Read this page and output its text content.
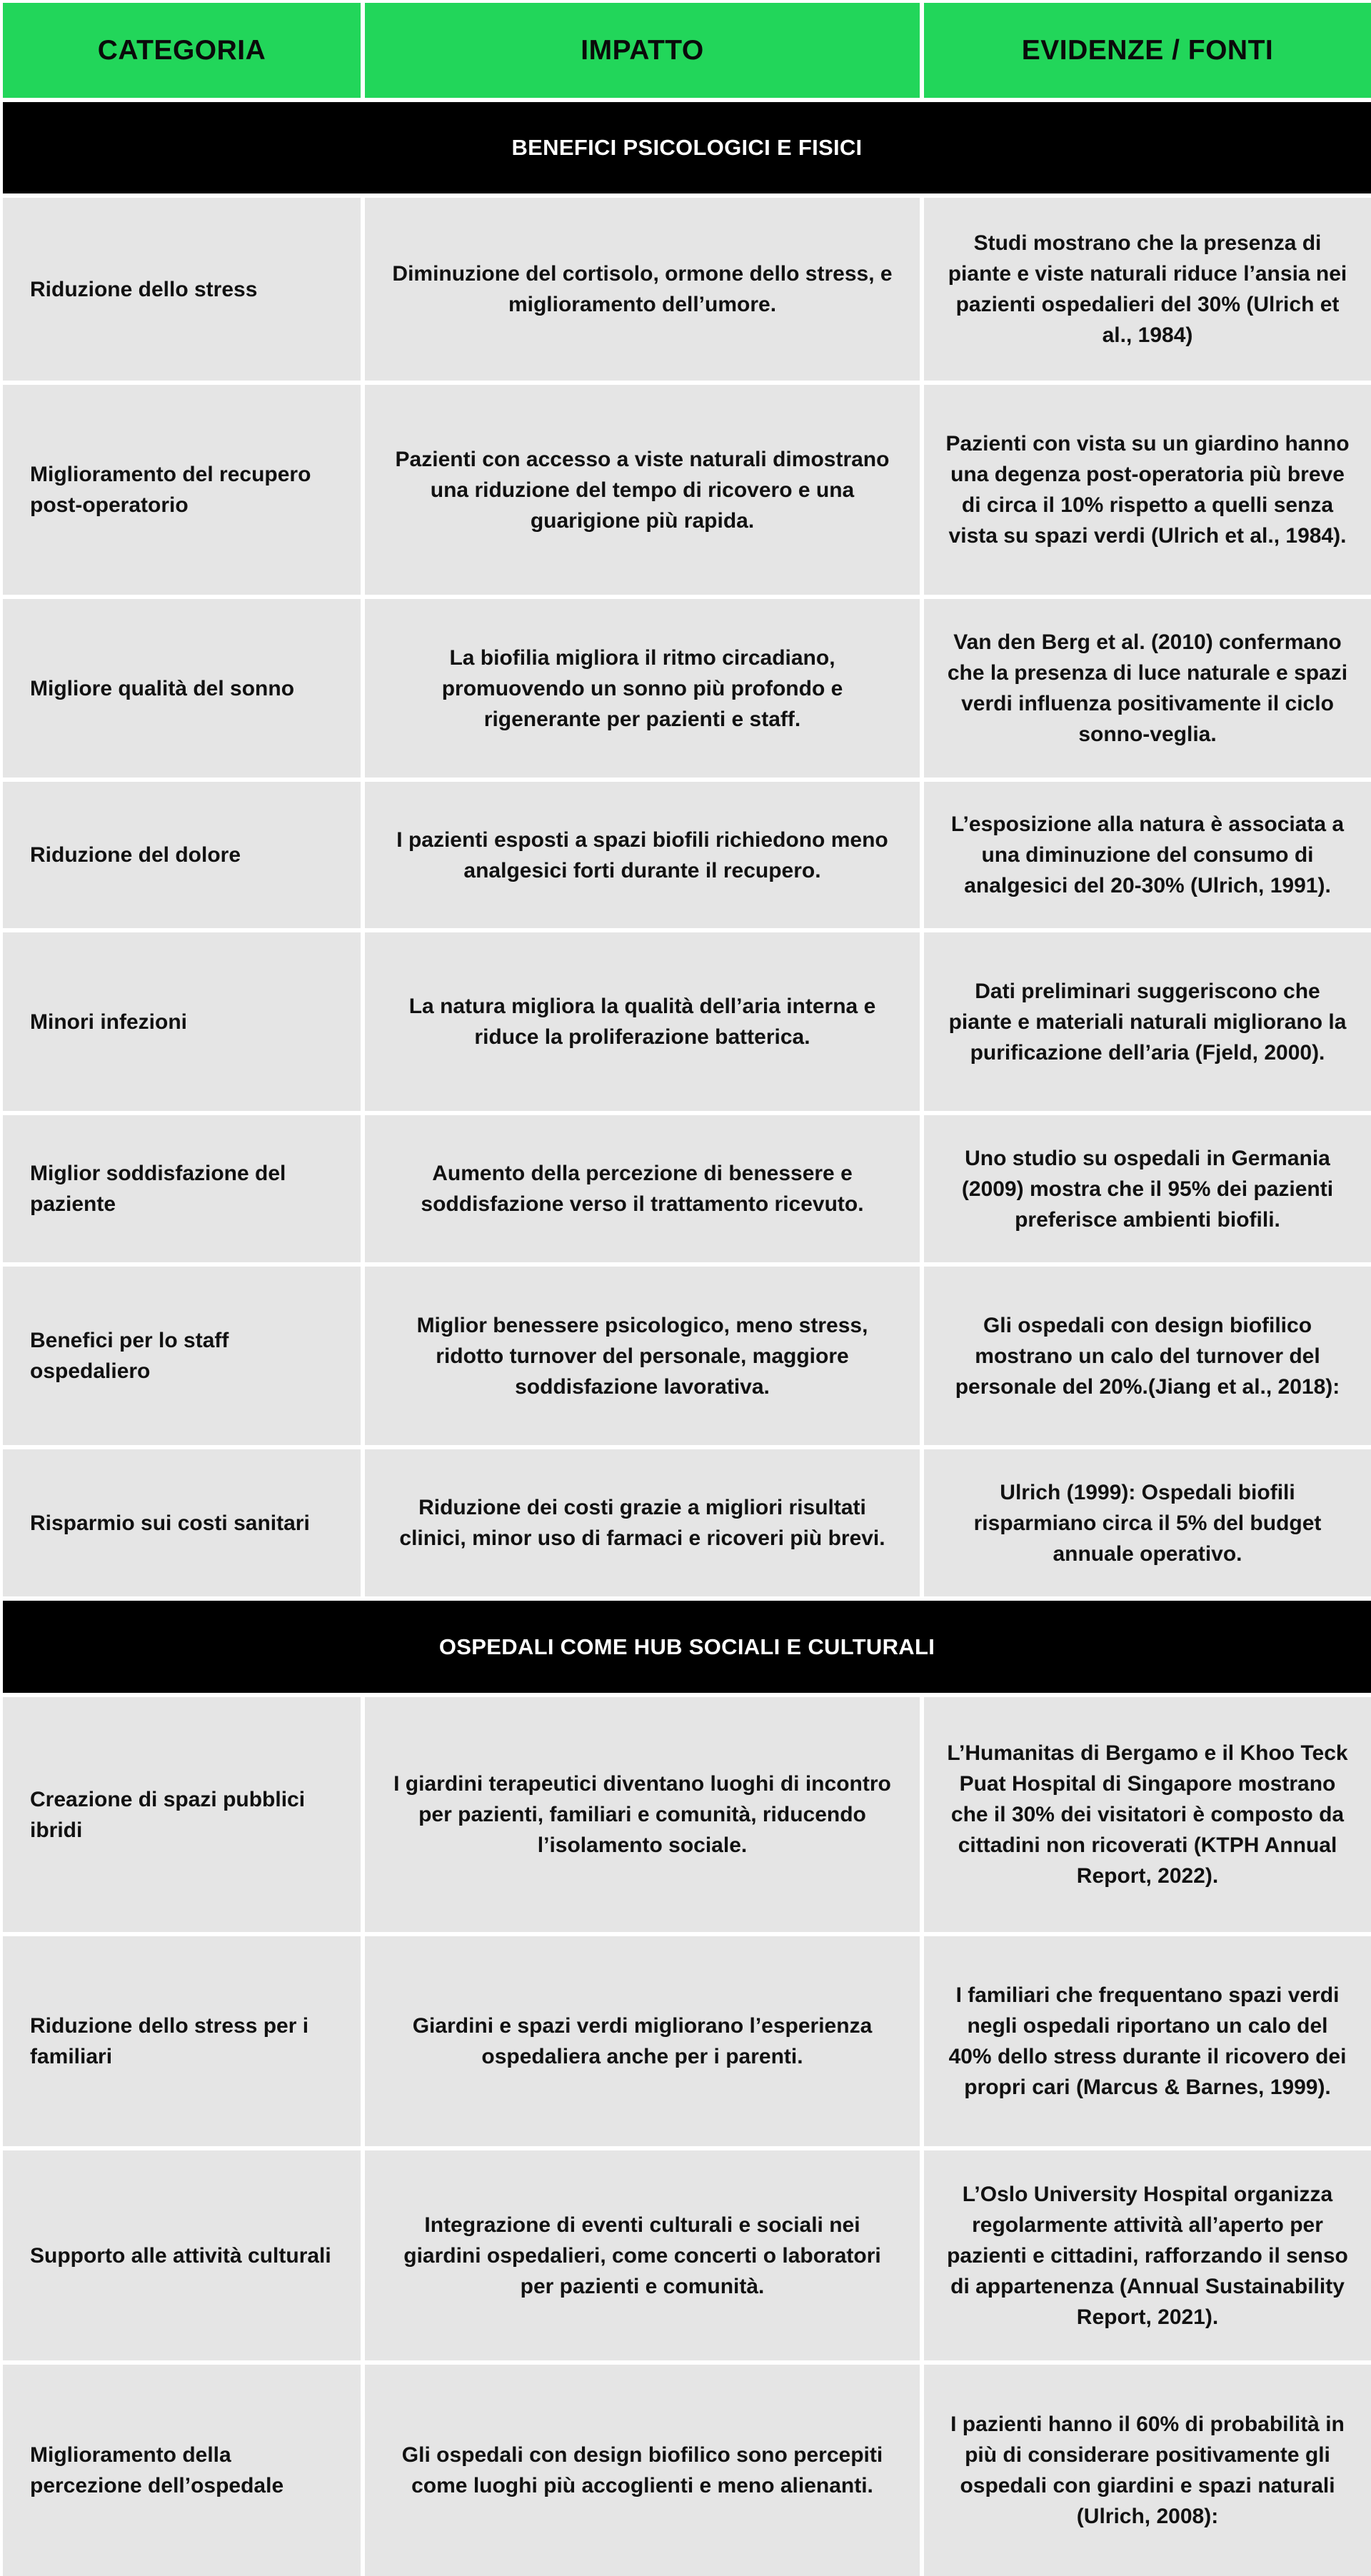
CATEGORIA	IMPATTO	EVIDENZE / FONTI
BENEFICI PSICOLOGICI E FISICI
Riduzione dello stress
Diminuzione del cortisolo, ormone dello stress, e miglioramento dell’umore.
Studi mostrano che la presenza di piante e viste naturali riduce l’ansia nei pazienti ospedalieri del 30% (Ulrich et al., 1984)
Miglioramento del recupero post-operatorio
Pazienti con accesso a viste naturali dimostrano una riduzione del tempo di ricovero e una guarigione più rapida.
Pazienti con vista su un giardino hanno una degenza post-operatoria più breve di circa il 10% rispetto a quelli senza vista su spazi verdi (Ulrich et al., 1984).
Migliore qualità del sonno
La biofilia migliora il ritmo circadiano, promuovendo un sonno più profondo e rigenerante per pazienti e staff.
Van den Berg et al. (2010) confermano che la presenza di luce naturale e spazi verdi influenza positivamente il ciclo sonno-veglia.
Riduzione del dolore
I pazienti esposti a spazi biofili richiedono meno analgesici forti durante il recupero.
L’esposizione alla natura è associata a una diminuzione del consumo di analgesici del 20-30% (Ulrich, 1991).
Minori infezioni
La natura migliora la qualità dell’aria interna e riduce la proliferazione batterica.
Dati preliminari suggeriscono che piante e materiali naturali migliorano la purificazione dell’aria (Fjeld, 2000).
Miglior soddisfazione del paziente
Aumento della percezione di benessere e soddisfazione verso il trattamento ricevuto.
Uno studio su ospedali in Germania (2009) mostra che il 95% dei pazienti preferisce ambienti biofili.
Benefici per lo staff ospedaliero
Miglior benessere psicologico, meno stress, ridotto turnover del personale, maggiore soddisfazione lavorativa.
Gli ospedali con design biofilico mostrano un calo del turnover del personale del 20%.(Jiang et al., 2018):
Risparmio sui costi sanitari
Riduzione dei costi grazie a migliori risultati clinici, minor uso di farmaci e ricoveri più brevi.
Ulrich (1999): Ospedali biofili risparmiano circa il 5% del budget annuale operativo.
OSPEDALI COME HUB SOCIALI E CULTURALI
Creazione di spazi pubblici ibridi
I giardini terapeutici diventano luoghi di incontro per pazienti, familiari e comunità, riducendo l’isolamento sociale.
L’Humanitas di Bergamo e il Khoo Teck Puat Hospital di Singapore mostrano che il 30% dei visitatori è composto da cittadini non ricoverati (KTPH Annual Report, 2022).
Riduzione dello stress per i familiari
Giardini e spazi verdi migliorano l’esperienza ospedaliera anche per i parenti.
I familiari che frequentano spazi verdi negli ospedali riportano un calo del 40% dello stress durante il ricovero dei propri cari (Marcus & Barnes, 1999).
Supporto alle attività culturali
Integrazione di eventi culturali e sociali nei giardini ospedalieri, come concerti o laboratori per pazienti e comunità.
L’Oslo University Hospital organizza regolarmente attività all’aperto per pazienti e cittadini, rafforzando il senso di appartenenza (Annual Sustainability Report, 2021).
Miglioramento della percezione dell’ospedale
Gli ospedali con design biofilico sono percepiti come luoghi più accoglienti e meno alienanti.
I pazienti hanno il 60% di probabilità in più di considerare positivamente gli ospedali con giardini e spazi naturali (Ulrich, 2008):
